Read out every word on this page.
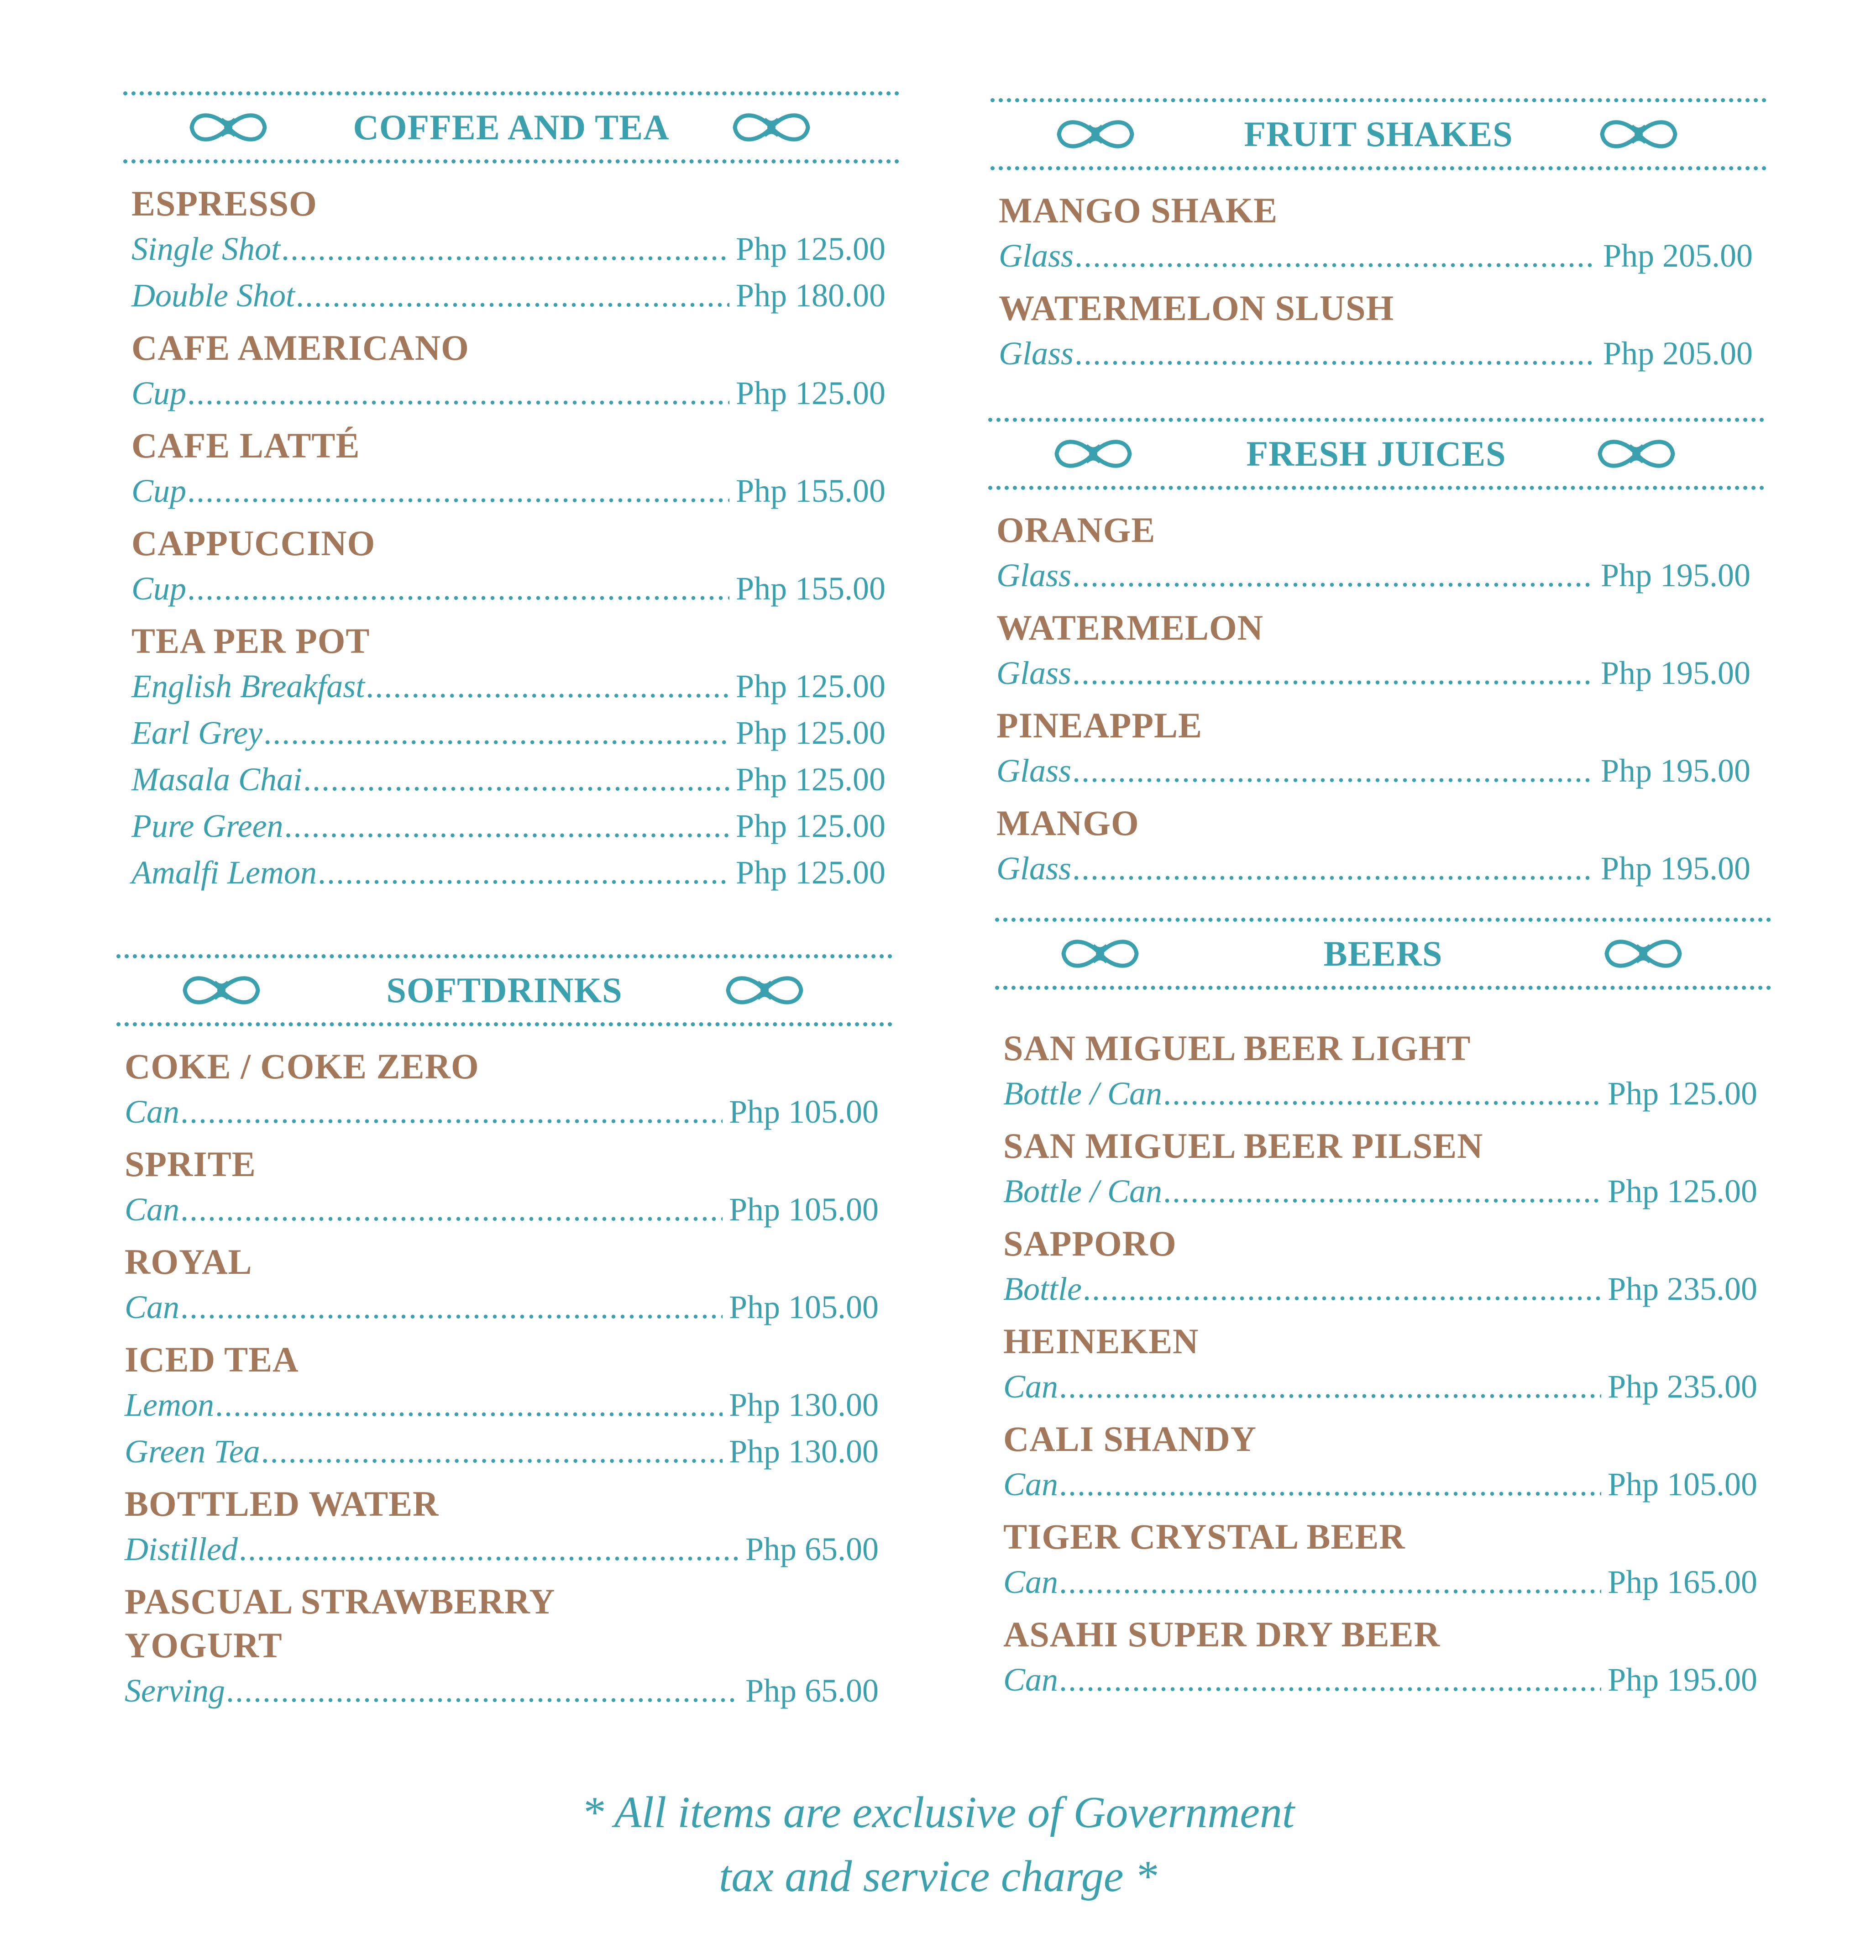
COFFEE AND TEA
ESPRESSO
Single Shot .....	Php 125.00
Double Shot .....	Php 180.00
CAFE AMERICANO
Cup .....	Php 125.00
CAFE LATTÉ
Cup .....	Php 155.00
CAPPUCCINO
Cup .....	Php 155.00
TEA PER POT
English Breakfast .....	Php 125.00
Earl Grey .....	Php 125.00
Masala Chai .....	Php 125.00
Pure Green .....	Php 125.00
Amalfi Lemon .....	Php 125.00
SOFTDRINKS
COKE / COKE ZERO
Can .....	Php 105.00
SPRITE
Can .....	Php 105.00
ROYAL
Can .....	Php 105.00
ICED TEA
Lemon .....	Php 130.00
Green Tea .....	Php 130.00
BOTTLED WATER
Distilled .....	Php 65.00
PASCUAL STRAWBERRY
YOGURT
Serving .....	Php 65.00
FRUIT SHAKES
MANGO SHAKE
Glass .....	Php 205.00
WATERMELON SLUSH
Glass .....	Php 205.00
FRESH JUICES
ORANGE
Glass .....	Php 195.00
WATERMELON
Glass .....	Php 195.00
PINEAPPLE
Glass .....	Php 195.00
MANGO
Glass .....	Php 195.00
BEERS
SAN MIGUEL BEER LIGHT
Bottle / Can .....	Php 125.00
SAN MIGUEL BEER PILSEN
Bottle / Can .....	Php 125.00
SAPPORO
Bottle .....	Php 235.00
HEINEKEN
Can .....	Php 235.00
CALI SHANDY
Can .....	Php 105.00
TIGER CRYSTAL BEER
Can .....	Php 165.00
ASAHI SUPER DRY BEER
Can .....	Php 195.00
* All items are exclusive of Government
tax and service charge *
